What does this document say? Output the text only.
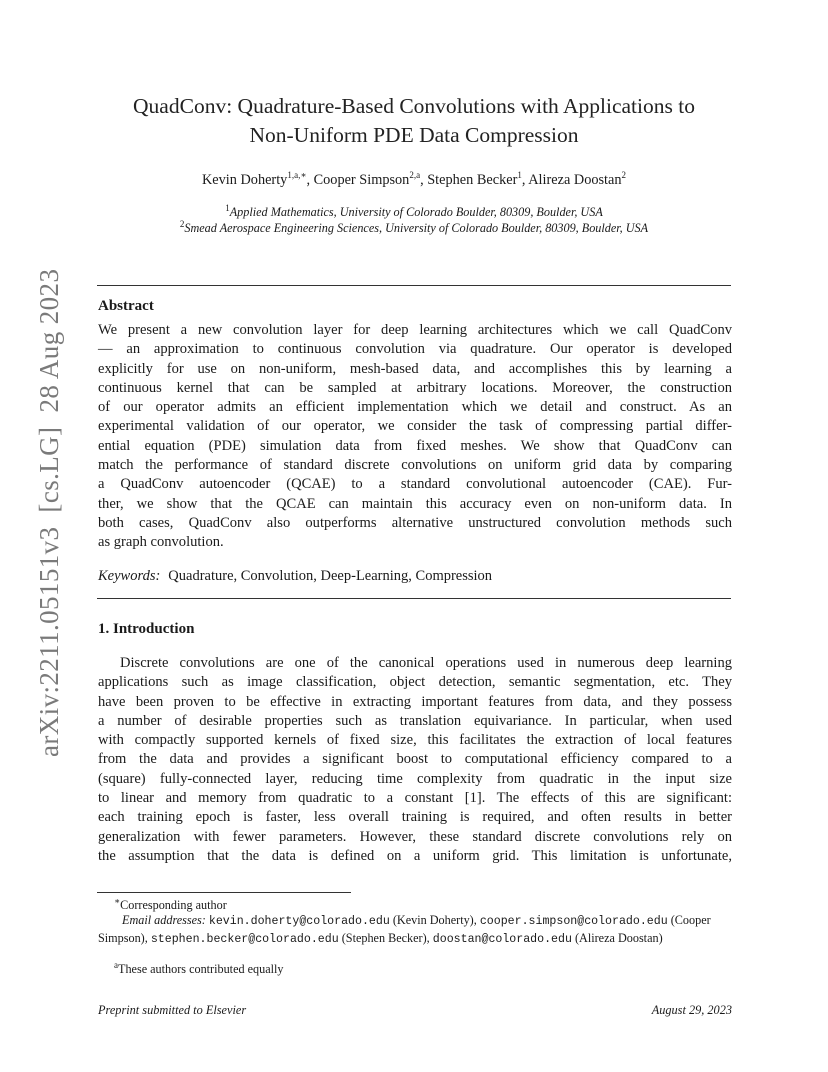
arXiv:2211.05151v3[cs.LG]28 Aug 2023
QuadConv: Quadrature-Based Convolutions with Applications to
Non-Uniform PDE Data Compression
Kevin Doherty$^{1,a,∗}$, Cooper Simpson$^{2,a}$, Stephen Becker$^1$, Alireza Doostan$^2$
$^1$Applied Mathematics, University of Colorado Boulder, 80309, Boulder, USA
$^2$Smead Aerospace Engineering Sciences, University of Colorado Boulder, 80309, Boulder, USA
Abstract
We present a new convolution layer for deep learning architectures which we call QuadConv
— an approximation to continuous convolution via quadrature. Our operator is developed
explicitly for use on non-uniform, mesh-based data, and accomplishes this by learning a
continuous kernel that can be sampled at arbitrary locations. Moreover, the construction
of our operator admits an efficient implementation which we detail and construct. As an
experimental validation of our operator, we consider the task of compressing partial differ-
ential equation (PDE) simulation data from fixed meshes. We show that QuadConv can
match the performance of standard discrete convolutions on uniform grid data by comparing
a QuadConv autoencoder (QCAE) to a standard convolutional autoencoder (CAE). Fur-
ther, we show that the QCAE can maintain this accuracy even on non-uniform data. In
both cases, QuadConv also outperforms alternative unstructured convolution methods such
as graph convolution.
Keywords: Quadrature, Convolution, Deep-Learning, Compression
1. Introduction
Discrete convolutions are one of the canonical operations used in numerous deep learning
applications such as image classification, object detection, semantic segmentation, etc. They
have been proven to be effective in extracting important features from data, and they possess
a number of desirable properties such as translation equivariance. In particular, when used
with compactly supported kernels of fixed size, this facilitates the extraction of local features
from the data and provides a significant boost to computational efficiency compared to a
(square) fully-connected layer, reducing time complexity from quadratic in the input size
to linear and memory from quadratic to a constant [1]. The effects of this are significant:
each training epoch is faster, less overall training is required, and often results in better
generalization with fewer parameters. However, these standard discrete convolutions rely on
the assumption that the data is defined on a uniform grid. This limitation is unfortunate,
∗Corresponding author
Email addresses: kevin.doherty@colorado.edu (Kevin Doherty), cooper.simpson@colorado.edu (Cooper Simpson), stephen.becker@colorado.edu (Stephen Becker), doostan@colorado.edu (Alireza Doostan)
$^a$These authors contributed equally
Preprint submitted to Elsevier	August 29, 2023
